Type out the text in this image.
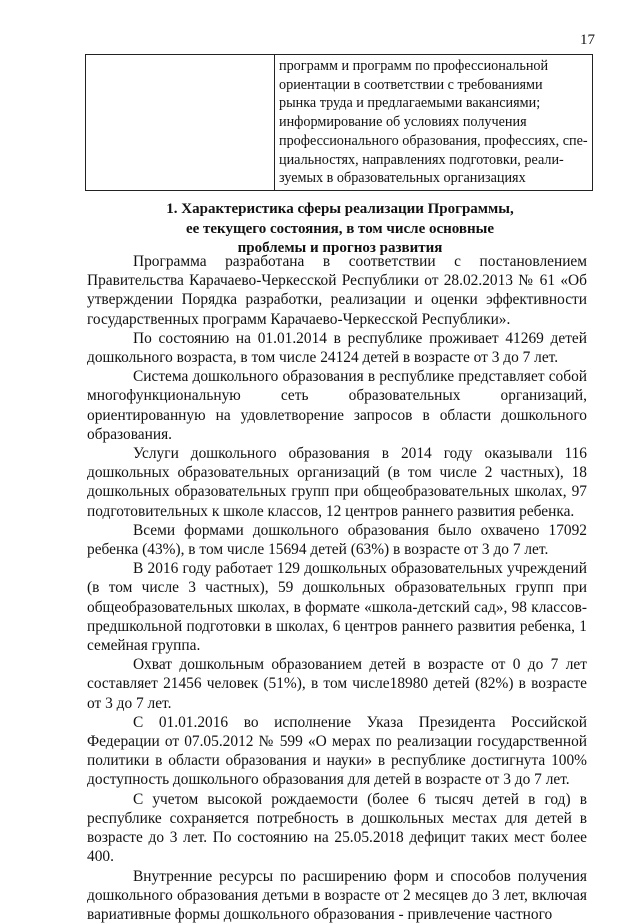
17

программ и программ по профессиональной
ориентации в соответствии с требованиями
рынка труда и предлагаемыми вакансиями;
информирование об условиях получения
профессионального образования, профессиях, спе-
циальностях, направлениях подготовки, реали-
зуемых в образовательных организациях
1. Характеристика сферы реализации Программы,
ее текущего состояния, в том числе основные
проблемы и прогноз развития

Программа разработана в соответствии с постановлением Правительства Карачаево-Черкесской Республики от 28.02.2013 № 61 «Об утверждении Порядка разработки, реализации и оценки эффективности государственных программ Карачаево-Черкесской Республики».

По состоянию на 01.01.2014 в республике проживает 41269 детей дошкольного возраста, в том числе 24124 детей в возрасте от 3 до 7 лет.

Система дошкольного образования в республике представляет собой многофункциональную сеть образовательных организаций, ориентированную на удовлетворение запросов в области дошкольного образования.

Услуги дошкольного образования в 2014 году оказывали 116 дошкольных образовательных организаций (в том числе 2 частных), 18 дошкольных образовательных групп при общеобразовательных школах, 97 подготовительных к школе классов, 12 центров раннего развития ребенка.

Всеми формами дошкольного образования было охвачено 17092 ребенка (43%), в том числе 15694 детей (63%) в возрасте от 3 до 7 лет.

В 2016 году работает 129 дошкольных образовательных учреждений (в том числе 3 частных), 59 дошкольных образовательных групп при общеобразовательных школах, в формате «школа-детский сад», 98 классов-предшкольной подготовки в школах, 6 центров раннего развития ребенка, 1 семейная группа.

Охват дошкольным образованием детей в возрасте от 0 до 7 лет составляет 21456 человек (51%), в том числе18980 детей (82%) в возрасте от 3 до 7 лет.

С 01.01.2016 во исполнение Указа Президента Российской Федерации от 07.05.2012 № 599 «О мерах по реализации государственной политики в области образования и науки» в республике достигнута 100% доступность дошкольного образования для детей в возрасте от 3 до 7 лет.

С учетом высокой рождаемости (более 6 тысяч детей в год) в республике сохраняется потребность в дошкольных местах для детей в возрасте до 3 лет. По состоянию на 25.05.2018 дефицит таких мест более 400.

Внутренние ресурсы по расширению форм и способов получения дошкольного образования детьми в возрасте от 2 месяцев до 3 лет, включая вариативные формы дошкольного образования - привлечение частного
